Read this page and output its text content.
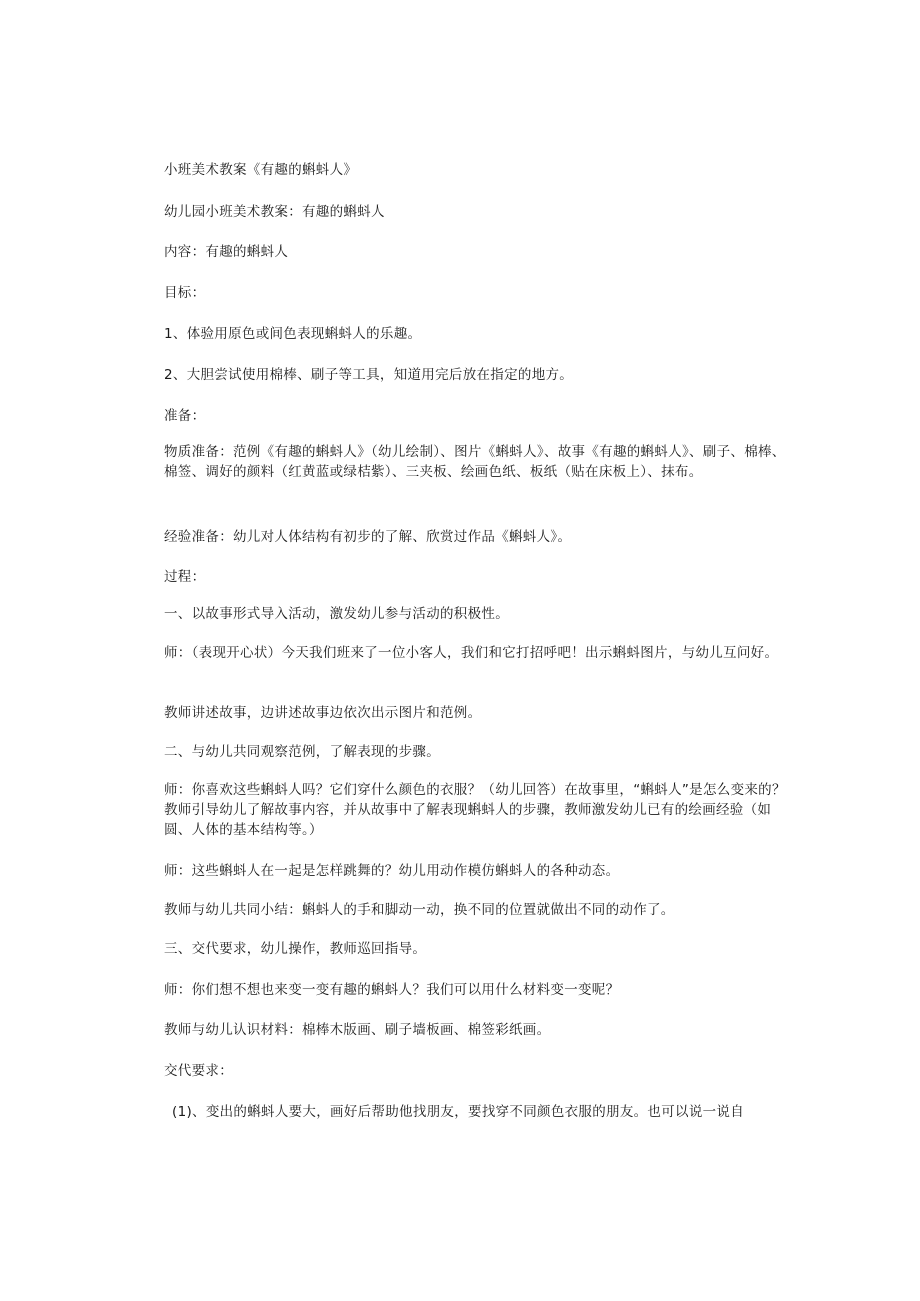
小班美术教案《有趣的蝌蚪人》

幼儿园小班美术教案：有趣的蝌蚪人

内容：有趣的蝌蚪人

目标：

1、体验用原色或间色表现蝌蚪人的乐趣。

2、大胆尝试使用棉棒、刷子等工具，知道用完后放在指定的地方。

准备：

物质准备：范例《有趣的蝌蚪人》（幼儿绘制）、图片《蝌蚪人》、故事《有趣的蝌蚪人》、刷子、棉棒、棉签、调好的颜料（红黄蓝或绿桔紫）、三夹板、绘画色纸、板纸（贴在床板上）、抹布。

经验准备：幼儿对人体结构有初步的了解、欣赏过作品《蝌蚪人》。

过程：

一、以故事形式导入活动，激发幼儿参与活动的积极性。

师：（表现开心状）今天我们班来了一位小客人，我们和它打招呼吧！出示蝌蚪图片，与幼儿互问好。

教师讲述故事，边讲述故事边依次出示图片和范例。

二、与幼儿共同观察范例，了解表现的步骤。

师：你喜欢这些蝌蚪人吗？它们穿什么颜色的衣服？（幼儿回答）在故事里，“蝌蚪人”是怎么变来的？教师引导幼儿了解故事内容，并从故事中了解表现蝌蚪人的步骤，教师激发幼儿已有的绘画经验（如圆、人体的基本结构等。）

师：这些蝌蚪人在一起是怎样跳舞的？幼儿用动作模仿蝌蚪人的各种动态。

教师与幼儿共同小结：蝌蚪人的手和脚动一动，换不同的位置就做出不同的动作了。

三、交代要求，幼儿操作，教师巡回指导。

师：你们想不想也来变一变有趣的蝌蚪人？我们可以用什么材料变一变呢？

教师与幼儿认识材料：棉棒木版画、刷子墙板画、棉签彩纸画。

交代要求：

(1)、变出的蝌蚪人要大，画好后帮助他找朋友，要找穿不同颜色衣服的朋友。也可以说一说自
